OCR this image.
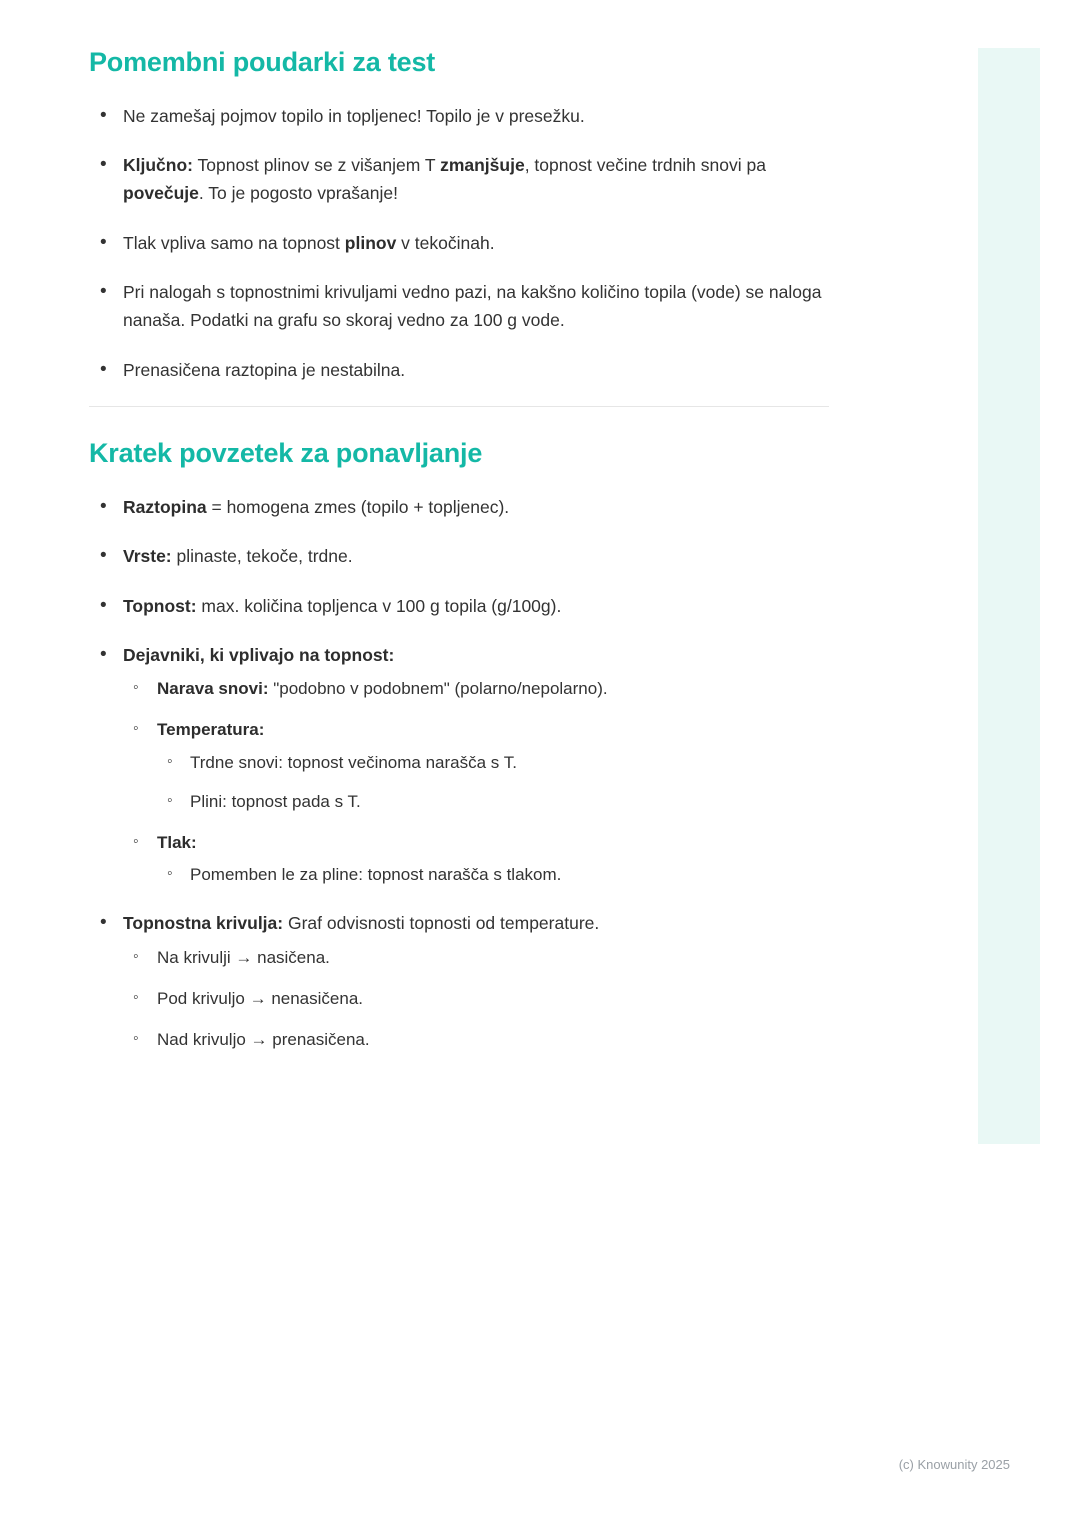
Pomembni poudarki za test
• Ne zamešaj pojmov topilo in topljenec! Topilo je v presežku.
• Ključno: Topnost plinov se z višanjem T zmanjšuje, topnost večine trdnih snovi pa povečuje. To je pogosto vprašanje!
• Tlak vpliva samo na topnost plinov v tekočinah.
• Pri nalogah s topnostnimi krivuljami vedno pazi, na kakšno količino topila (vode) se naloga nanaša. Podatki na grafu so skoraj vedno za 100 g vode.
• Prenasičena raztopina je nestabilna.
Kratek povzetek za ponavljanje
• Raztopina = homogena zmes (topilo + topljenec).
• Vrste: plinaste, tekoče, trdne.
• Topnost: max. količina topljenca v 100 g topila (g/100g).
• Dejavniki, ki vplivajo na topnost:
◦ Narava snovi: "podobno v podobnem" (polarno/nepolarno).
◦ Temperatura:
◦ Trdne snovi: topnost večinoma narašča s T.
◦ Plini: topnost pada s T.
◦ Tlak:
◦ Pomemben le za pline: topnost narašča s tlakom.
• Topnostna krivulja: Graf odvisnosti topnosti od temperature.
◦ Na krivulji → nasičena.
◦ Pod krivuljo → nenasičena.
◦ Nad krivuljo → prenasičena.
(c) Knowunity 2025
